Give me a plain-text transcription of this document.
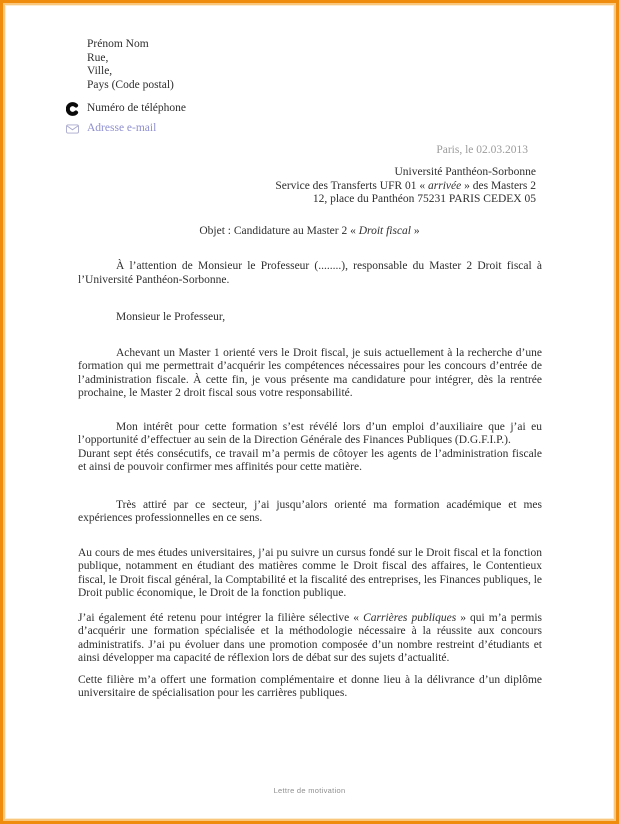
Prénom Nom
Rue,
Ville,
Pays (Code postal)
Numéro de téléphone
Adresse e-mail
Paris, le 02.03.2013
Université Panthéon-Sorbonne
Service des Transferts UFR 01 « arrivée » des Masters 2
12, place du Panthéon 75231 PARIS CEDEX 05
Objet : Candidature au Master 2 « Droit fiscal »

À l’attention de Monsieur le Professeur (........), responsable du Master 2 Droit fiscal à l’Université Panthéon-Sorbonne.

Monsieur le Professeur,

Achevant un Master 1 orienté vers le Droit fiscal, je suis actuellement à la recherche d’une formation qui me permettrait d’acquérir les compétences nécessaires pour les concours d’entrée de l’administration fiscale. À cette fin, je vous présente ma candidature pour intégrer, dès la rentrée prochaine, le Master 2 droit fiscal sous votre responsabilité.

Mon intérêt pour cette formation s’est révélé lors d’un emploi d’auxiliaire que j’ai eu l’opportunité d’effectuer au sein de la Direction Générale des Finances Publiques (D.G.F.I.P.).
Durant sept étés consécutifs, ce travail m’a permis de côtoyer les agents de l’administration fiscale et ainsi de pouvoir confirmer mes affinités pour cette matière.

Très attiré par ce secteur, j’ai jusqu’alors orienté ma formation académique et mes expériences professionnelles en ce sens.

Au cours de mes études universitaires, j’ai pu suivre un cursus fondé sur le Droit fiscal et la fonction publique, notamment en étudiant des matières comme le Droit fiscal des affaires, le Contentieux fiscal, le Droit fiscal général, la Comptabilité et la fiscalité des entreprises, les Finances publiques, le Droit public économique, le Droit de la fonction publique.

J’ai également été retenu pour intégrer la filière sélective « Carrières publiques » qui m’a permis d’acquérir une formation spécialisée et la méthodologie nécessaire à la réussite aux concours administratifs. J’ai pu évoluer dans une promotion composée d’un nombre restreint d’étudiants et ainsi développer ma capacité de réflexion lors de débat sur des sujets d’actualité.

Cette filière m’a offert une formation complémentaire et donne lieu à la délivrance d’un diplôme universitaire de spécialisation pour les carrières publiques.

Lettre de motivation
